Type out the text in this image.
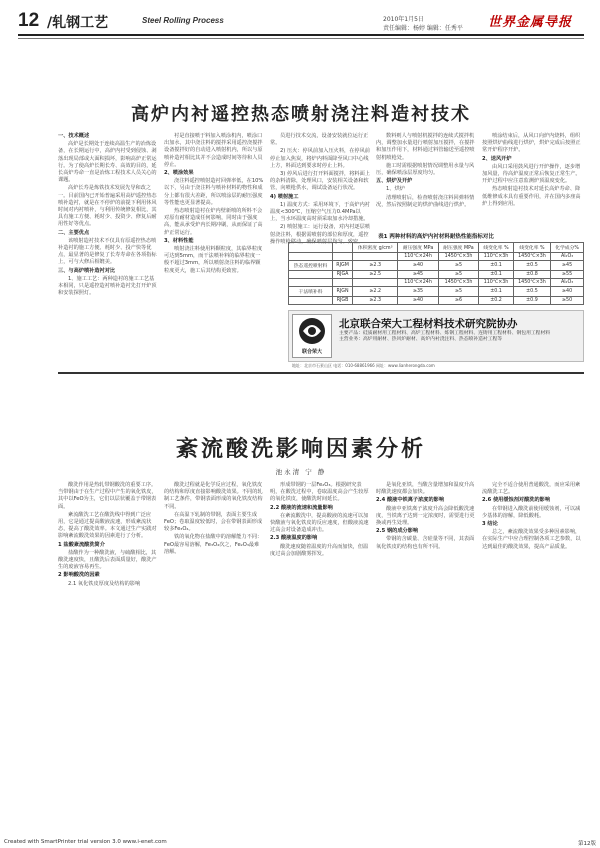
12 /轧钢工艺	Steel Rolling Process	2010年1月5日
责任编辑：杨婷 编辑：任秀平 世界金属导报
高炉内衬遥控热态喷射浇注料造衬技术

一、技术概述

高炉是长期处于连续高温生产的冶炼设备，在长期运行中，高炉内衬受到侵蚀、剥落出现局部或大面积损坏，影响高炉正常运行。为了使高炉长期长寿、高效的目的，延长高炉寿命一直是冶炼工程技术人员关心的课题。

高炉长寿是炼铁技术发展先导和改之一。目前国内已开始普遍采用高炉遥控热态喷补造衬，就是在不停炉的前提下利用休风时间对内衬喷补，与利用传统修复相比，其具有施工方便、耗时少、投资少、修复后耐用性好等优点。

二、主要优点

该喷射造衬技术不仅具有原遥控热态喷补造衬的施工方便、耗时少、投产快等优点，最显著的是修复了长寿寿命在各项指标上，可与大修后相媲美。

三、与高炉喷补造衬对比

1、施工工艺：两种造衬的施工工艺基本相同，只是遥控造衬喷补造衬先打开炉顶和安装探照灯。

衬是直接喷于料加入喷涂机内，喷涂口出加水，其中浇注料的搅拌采用遥控浇搅拌设备搅拌好的自动进入喷射机内，所以与原喷补造衬相比其并不会造成时间等待和人员停止。

2、喷涂效果

浇注料遥控喷射造衬回弹率低，在10%以下，另由于浇注料与喷补材料的物性和成分上都有很大差距，所以喷涂层的耐压强度等性能也更显著提高。

热态喷射造衬在炉内壁新喷的所料不会对原有耐材造成任何影响，同时由于强度高，能从承受炉内长期冲刷，从而保证了高炉正常运行。

3、材料性能

喷射浇注料使用料颗粒度，其临界粒度可达到5mm，而干法喷补料的临界粒度一般不超过3mm，所以喷射浇注料的临界颗粒度更大，施工后其结构更致密。

员进行技术交流，设备安装就位运行正常。

2) 压火：停风前加入压火料，在停风前停止加入焦炭，将炉内料面降至风口中心线上方，料面达到要求时停止上料。

3) 停风后进行打开料面搅拌，将料面上的杂料清除，处理风口，安装相关设备和软管，向喷枪供水，调试设备运行状况。

4) 喷射施工

1) 温度方式：采用环境下，于高炉内衬温度<300℃，压缩空气压力0.4MPa以上，当水环温度高时须采取加水冷却措施。

2) 喷射施工：运行设备，对内衬逐层喷射浇注料，根据需喷射的部位和厚度，遥控操作喷枪移动，确保喷射层均匀、致密。

数料则人与喷射机搅拌的连续式搅拌机内，调整加水量进行喷射加压搅拌，在搅拌和加压作用下，材料通过料管输送至遥控喷射机喷枪处。

施工时需根据喷射情况调整用水量与风压，确保喷涂层厚度均匀。

五、烘炉及开炉

1、烘炉

清理喷射后，检查喷射浇注料回弹料情况，然后按照制定的烘炉曲线进行烘炉。

喷涂结束后，从风口向炉内烧料，组织按照烘炉曲线进行烘炉，烘炉完成后按照正常开炉程序开炉。

2、送风开炉

由风口采用鼓风进行开炉操作，逐步增加风量，待高炉温度正常后恢复正常生产。开炉过程中应注意监测炉顶温度变化。

热态喷射造衬技术对延长高炉寿命、降低维修成本具有重要作用，并在国内多座高炉上得到应用。

表1 两种材料的高炉内衬材料耐热性能指标对比
		体积密度 g/cm³	耐压强度 MPa	耐压强度 MPa	线变化率 %	线变化率 %	化学成分%
			110℃×24h	1450℃×3h	110℃×3h	1450℃×3h	Al₂O₃
热态遥控喷射料	RJGM	≥2.3	≥40	≥5	±0.1	±0.5	≥45
	RJGA	≥2.5	≥45	≥5	±0.1	±0.8	≥55
			110℃×24h	1450℃×3h	110℃×3h	1450℃×3h	Al₂O₃
干法喷补料	RJGN	≥2.2	≥35	≥5	±0.1	±0.5	≥40
	RJGB	≥2.3	≥40	≥6	±0.2	±0.9	≥50
联合荣大
北京联合荣大工程材料技术研究院协办
主要产品：硅质耐材用工程材料、高炉工程材料、炼钢工程材料、连铸用工程材料、钢包用工程材料
主营业务：高炉用耐材、热风炉耐材、高炉内衬浇注料、热态喷补造衬工程等
地址：北京市石景山区 电话：010-68861966 网址：www.lianherongda.com
紊流酸洗影响因素分析
池永清 宁 静

酸洗作用是热轧带钢酸洗的重要工序。当带钢由于在生产过程中产生的氧化铁皮，其中以FeO为主，它们以层状覆盖于带钢表面。

紊流酸洗工艺在酸洗线中得到广泛应用，它是通过提高酸液流速，形成紊流状态，提高了酸洗效率。本文通过生产实践对影响紊流酸洗效果的因素进行了分析。

1 盐酸紊流酸洗简介

盐酸作为一种酸洗液，与硫酸相比，其酸洗速度快，且酸洗后表面质量好，酸洗产生的废液容易再生。

2 影响酸洗的因素

2.1 氧化铁皮厚度及结构的影响

酸洗过程就是化学反应过程，氧化铁皮的结构和厚度直接影响酸洗效果。不同的轧制工艺条件，带钢表面形成的氧化铁皮结构不同。

在高温下轧制的带钢，表面主要生成FeO；卷取温度较低时，会在带钢表面形成较多Fe₃O₄。

铁的氧化物在盐酸中的溶解能力不同：FeO最容易溶解，Fe₃O₄次之，Fe₂O₃最难溶解。

形成带钢的一层Fe₂O₃。根据研究表明，在酸洗过程中，卷取温度高会产生较厚的氧化铁皮，使酸洗时间延长。

2.2 酸液的流速和流量影响

在紊流酸洗中，提高酸液的流速可以加快酸液与氧化铁皮的反应速度，但酸液流速过高会对设备造成冲击。

2.3 酸液温度的影响

酸洗速度随着温度的升高而加快，但温度过高会加剧酸雾挥发。

是氧化亚铁，当酸含量增加和温度升高时酸洗速度都会加快。

2.4 酸液中铁离子浓度的影响

酸液中亚铁离子浓度升高会降低酸洗速度，当铁离子达到一定浓度时，需要进行更换或再生处理。

2.5 钢的成分影响

带钢的含碳量、含硅量等不同，其表面氧化铁皮的结构也有所不同。

完全不适合使用普通酸洗，而应采用紊流酸洗工艺。

2.6 使用缓蚀剂对酸洗的影响

在带钢进入酸洗前使用缓蚀剂，可以减少基体的溶解，降低酸耗。

3 结论

总之，紊流酸洗效果受多种因素影响，在实际生产中应合理控制各项工艺参数，以达到最佳的酸洗效果，提高产品质量。

Created with SmartPrinter trial version 3.0 www.i-enet.com	第12版
